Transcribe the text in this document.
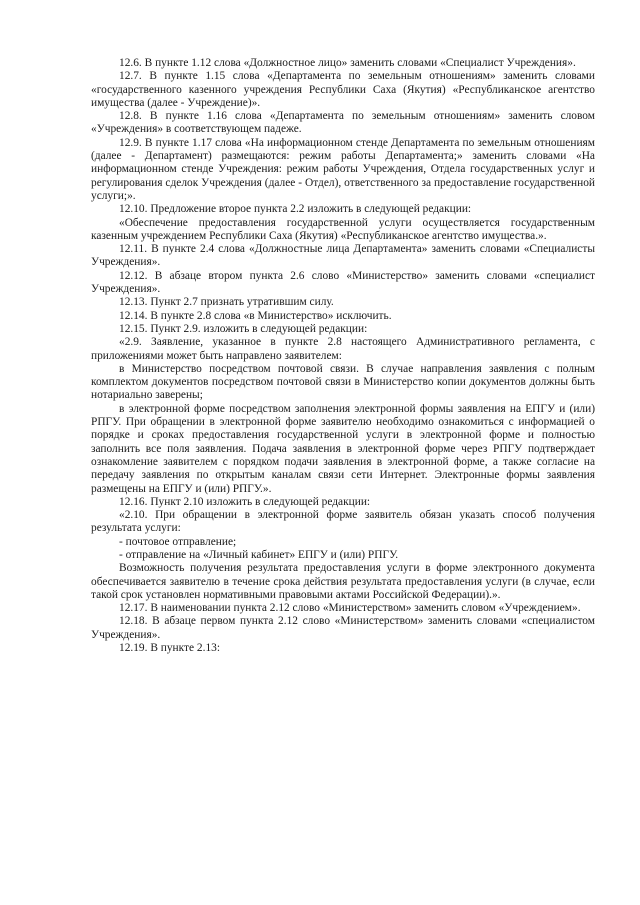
12.6. В пункте 1.12 слова «Должностное лицо» заменить словами «Специалист Учреждения».

12.7. В пункте 1.15 слова «Департамента по земельным отношениям» заменить словами «государственного казенного учреждения Республики Саха (Якутия) «Республиканское агентство имущества (далее - Учреждение)».

12.8. В пункте 1.16 слова «Департамента по земельным отношениям» заменить словом «Учреждения» в соответствующем падеже.

12.9. В пункте 1.17 слова «На информационном стенде Департамента по земельным отношениям (далее - Департамент) размещаются: режим работы Департамента;» заменить словами «На информационном стенде Учреждения: режим работы Учреждения, Отдела государственных услуг и регулирования сделок Учреждения (далее - Отдел), ответственного за предоставление государственной услуги;».

12.10. Предложение второе пункта 2.2 изложить в следующей редакции:

«Обеспечение предоставления государственной услуги осуществляется государственным казенным учреждением Республики Саха (Якутия) «Республиканское агентство имущества.».

12.11. В пункте 2.4 слова «Должностные лица Департамента» заменить словами «Специалисты Учреждения».

12.12. В абзаце втором пункта 2.6 слово «Министерство» заменить словами «специалист Учреждения».

12.13. Пункт 2.7 признать утратившим силу.

12.14. В пункте 2.8 слова «в Министерство» исключить.

12.15. Пункт 2.9. изложить в следующей редакции:

«2.9. Заявление, указанное в пункте 2.8 настоящего Административного регламента, с приложениями может быть направлено заявителем:

в Министерство посредством почтовой связи. В случае направления заявления с полным комплектом документов посредством почтовой связи в Министерство копии документов должны быть нотариально заверены;

в электронной форме посредством заполнения электронной формы заявления на ЕПГУ и (или) РПГУ. При обращении в электронной форме заявителю необходимо ознакомиться с информацией о порядке и сроках предоставления государственной услуги в электронной форме и полностью заполнить все поля заявления. Подача заявления в электронной форме через РПГУ подтверждает ознакомление заявителем с порядком подачи заявления в электронной форме, а также согласие на передачу заявления по открытым каналам связи сети Интернет. Электронные формы заявления размещены на ЕПГУ и (или) РПГУ.».

12.16. Пункт 2.10 изложить в следующей редакции:

«2.10. При обращении в электронной форме заявитель обязан указать способ получения результата услуги:

- почтовое отправление;

- отправление на «Личный кабинет» ЕПГУ и (или) РПГУ.

Возможность получения результата предоставления услуги в форме электронного документа обеспечивается заявителю в течение срока действия результата предоставления услуги (в случае, если такой срок установлен нормативными правовыми актами Российской Федерации).».

12.17. В наименовании пункта 2.12 слово «Министерством» заменить словом «Учреждением».

12.18. В абзаце первом пункта 2.12 слово «Министерством» заменить словами «специалистом Учреждения».

12.19. В пункте 2.13:
